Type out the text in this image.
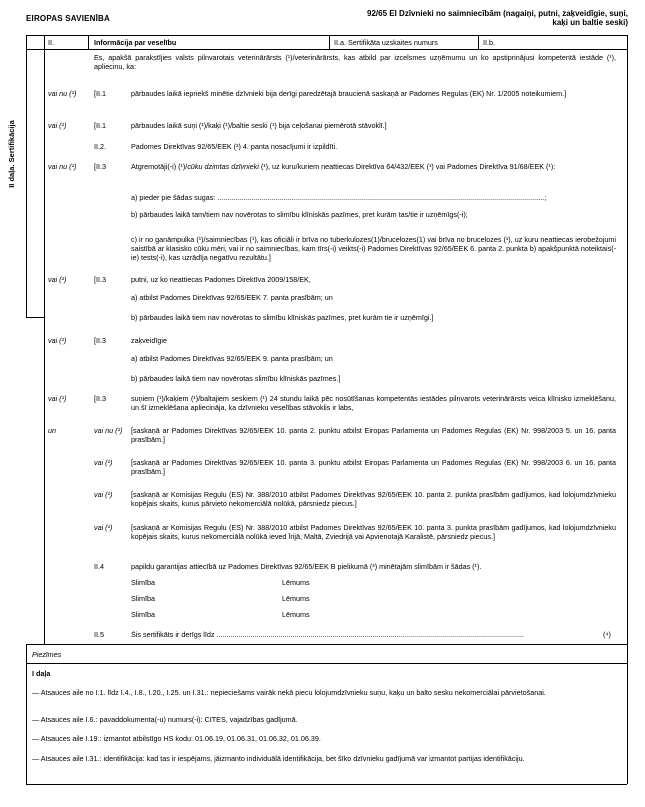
EIROPAS SAVIENĪBA
92/65 EI Dzīvnieki no saimniecībām (nagaiņi, putni, zaķveidīgie, suņi, kaķi un baltie seski)
II.	Informācija par veselību	II.a. Sertifikāta uzskaites numurs	II.b.
II daļa. Sertifikācija
Es, apakšā parakstījies valsts pilnvarotais veterinārārsts (¹)/veterinārārsts, kas atbild par izcelsmes uzņēmumu un ko apstiprinājusi kompetentā iestāde (¹), apliecinu, ka:
vai nu (¹) [II.1	pārbaudes laikā iepriekš minētie dzīvnieki bija derīgi paredzētajā braucienā saskaņā ar Padomes Regulas (EK) Nr. 1/2005 noteikumiem.]
vai (¹)	[II.1	pārbaudes laikā suņi (¹)/kaķi (¹)/baltie seski (¹) bija ceļošanai piemērotā stāvoklī.]
II.2.	Padomes Direktīvas 92/65/EEK (²) 4. panta nosacījumi ir izpildīti.
vai nu (¹) [II.3	Atgremotāji(-i) (¹)/cūku dzimtas dzīvnieki (¹), uz kuru/kuriem neattiecas Direktīva 64/432/EEK (¹) vai Padomes Direktīva 91/68/EEK (¹):
a) pieder pie šādas sugas: ....................................................................................................................................................................;
b) pārbaudes laikā tam/tiem nav novērotas to slimību klīniskās pazīmes, pret kurām tas/tie ir uzņēmīgs(-i);
c) ir no ganāmpulka (¹)/saimniecības (¹), kas oficiāli ir brīva no tuberkulozes(1)/brucelozes(1) vai brīva no brucelozes (¹), uz kuru neattiecas ierobežojumi saistībā ar klasisko cūku mēri, vai ir no saimniecības, kam tīrs(-i) veikts(-i) Padomes Direktīvas 92/65/EEK 6. panta 2. punkta b) apakšpunktā noteiktais(-ie) tests(-i), kas uzrādīja negatīvu rezultātu.]
vai (¹)	[II.3	putni, uz ko neattiecas Padomes Direktīva 2009/158/EK,
a) atbilst Padomes Direktīvas 92/65/EEK 7. panta prasībām; un
b) pārbaudes laikā tiem nav novērotas to slimību klīniskās pazīmes, pret kurām tie ir uzņēmīgi.]
vai (¹)	[II.3	zaķveidīgie
a) atbilst Padomes Direktīvas 92/65/EEK 9. panta prasībām; un
b) pārbaudes laikā tiem nav novērotas slimību klīniskās pazīmes.]
vai (¹)	[II.3	suņiem (¹)/kaķiem (¹)/baltajiem seskiem (¹) 24 stundu laikā pēc nosūtīšanas kompetentās iestādes pilnvarots veterinārārsts veica klīnisko izmeklēšanu, un šī izmeklēšana apliecināja, ka dzīvnieku veselības stāvoklis ir labs,
un	vai nu (¹) [saskaņā ar Padomes Direktīvas 92/65/EEK 10. panta 2. punktu atbilst Eiropas Parlamenta un Padomes Regulas (EK) Nr. 998/2003 5. un 16. panta prasībām.]
vai (¹)	[saskaņā ar Padomes Direktīvas 92/65/EEK 10. panta 3. punktu atbilst Eiropas Parlamenta un Padomes Regulas (EK) Nr. 998/2003 6. un 16. panta prasībām.]
vai (¹)	[saskaņā ar Komisijas Regulu (ES) Nr. 388/2010 atbilst Padomes Direktīvas 92/65/EEK 10. panta 2. punkta prasībām gadījumos, kad lolojumdzīvnieku kopējais skaits, kurus pārvieto nekomerciālā nolūkā, pārsniedz piecus.]
vai (¹)	[saskaņā ar Komisijas Regulu (ES) Nr. 388/2010 atbilst Padomes Direktīvas 92/65/EEK 10. panta 3. punkta prasībām gadījumos, kad lolojumdzīvnieku kopējais skaits, kurus nekomerciālā nolūkā ieved Īrijā, Maltā, Zviedrijā vai Apvienotajā Karalistē, pārsniedz piecus.]
II.4	papildu garantijas attiecībā uz Padomes Direktīvas 92/65/EEK B pielikumā (³) minētajām slimībām ir šādas (¹).
Slimība	Lēmums
Slimība	Lēmums
Slimība	Lēmums
II.5	Šis sertifikāts ir derīgs līdz ..........................................................................................................................................................	(⁴)
Piezīmes
I daļa
— Atsauces aile no I.1. līdz I.4., I.8., I.20., I.25. un I.31.: nepieciešams vairāk nekā piecu lolojumdzīvnieku suņu, kaķu un balto sesku nekomerciālai pārvietošanai.
— Atsauces aile I.6.: pavaddokumenta(-u) numurs(-i): CITES, vajadzības gadījumā.
— Atsauces aile I.19.: izmantot atbilstīgo HS kodu: 01.06.19, 01.06.31, 01.06.32, 01.06.39.
— Atsauces aile I.31.: identifikācija: kad tas ir iespējams, jāizmanto individuālā identifikācija, bet šīko dzīvnieku gadījumā var izmantot partijas identifikāciju.
